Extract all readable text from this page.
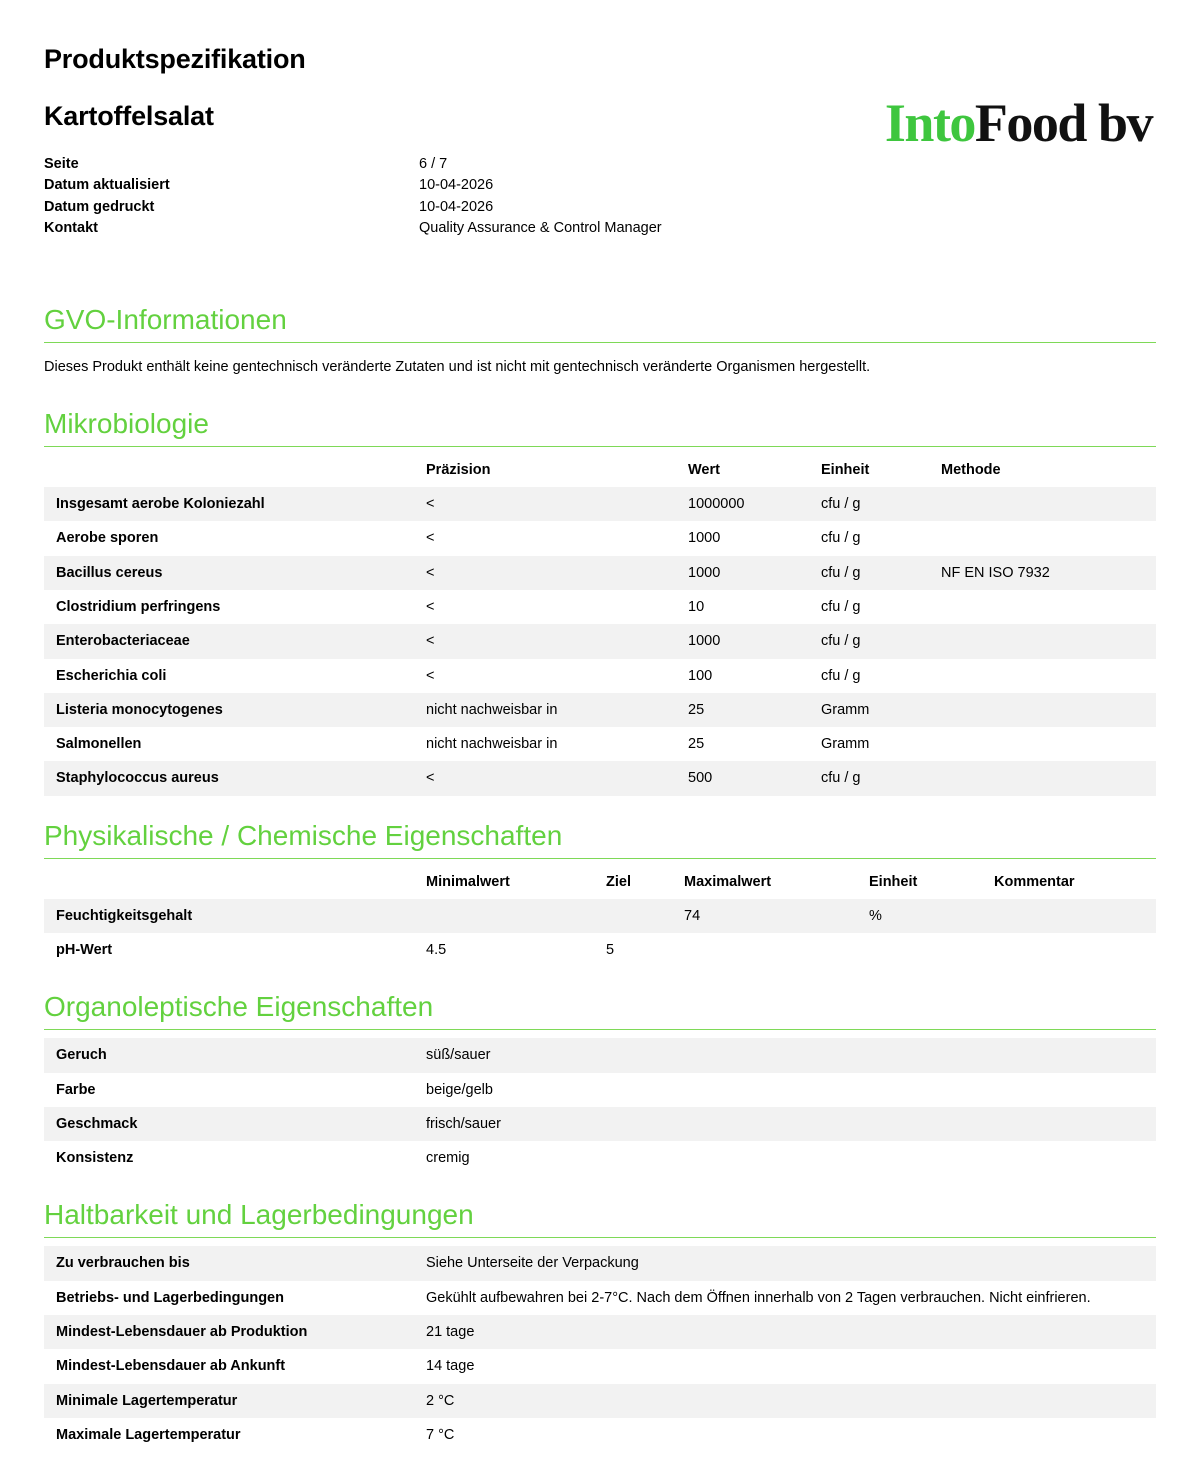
Produktspezifikation
Kartoffelsalat	IntoFood bv
Seite	6 / 7
Datum aktualisiert	10-04-2026
Datum gedruckt	10-04-2026
Kontakt	Quality Assurance & Control Manager
GVO-Informationen

Dieses Produkt enthält keine gentechnisch veränderte Zutaten und ist nicht mit gentechnisch veränderte Organismen hergestellt.

Mikrobiologie
	Präzision	Wert	Einheit	Methode
Insgesamt aerobe Koloniezahl	<	1000000	cfu / g	
Aerobe sporen	<	1000	cfu / g	
Bacillus cereus	<	1000	cfu / g	NF EN ISO 7932
Clostridium perfringens	<	10	cfu / g	
Enterobacteriaceae	<	1000	cfu / g	
Escherichia coli	<	100	cfu / g	
Listeria monocytogenes	nicht nachweisbar in	25	Gramm	
Salmonellen	nicht nachweisbar in	25	Gramm	
Staphylococcus aureus	<	500	cfu / g	
Physikalische / Chemische Eigenschaften
	Minimalwert	Ziel	Maximalwert	Einheit	Kommentar
Feuchtigkeitsgehalt			74	%	
pH-Wert	4.5	5			
Organoleptische Eigenschaften
Geruch	süß/sauer
Farbe	beige/gelb
Geschmack	frisch/sauer
Konsistenz	cremig
Haltbarkeit und Lagerbedingungen
Zu verbrauchen bis	Siehe Unterseite der Verpackung
Betriebs- und Lagerbedingungen	Gekühlt aufbewahren bei 2-7°C. Nach dem Öffnen innerhalb von 2 Tagen verbrauchen. Nicht einfrieren.
Mindest-Lebensdauer ab Produktion	21 tage
Mindest-Lebensdauer ab Ankunft	14 tage
Minimale Lagertemperatur	2 °C
Maximale Lagertemperatur	7 °C
